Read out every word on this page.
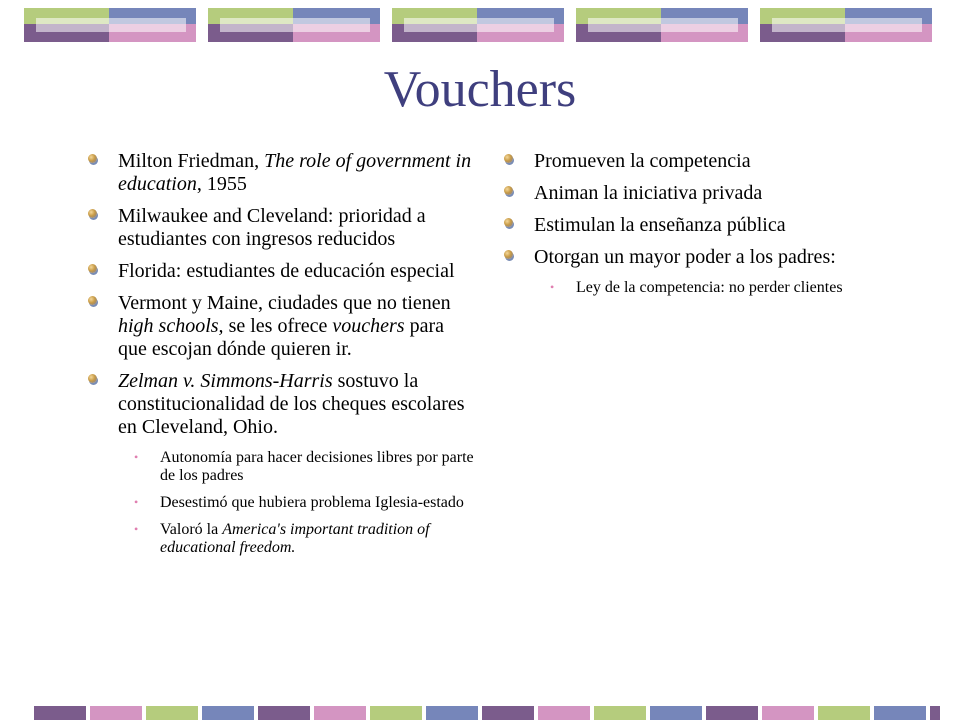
Vouchers
Milton Friedman, The role of government in education, 1955
Milwaukee and Cleveland: prioridad a estudiantes con ingresos reducidos
Florida: estudiantes de educación especial
Vermont y Maine, ciudades que no tienen high schools, se les ofrece vouchers para que escojan dónde quieren ir.
Zelman v. Simmons-Harris sostuvo la constitucionalidad de los cheques escolares en Cleveland, Ohio.
• Autonomía para hacer decisiones libres por parte de los padres
• Desestimó que hubiera problema Iglesia-estado
• Valoró la America's important tradition of educational freedom.
Promueven la competencia
Animan la iniciativa privada
Estimulan la enseñanza pública
Otorgan un mayor poder a los padres:
• Ley de la competencia: no perder clientes
